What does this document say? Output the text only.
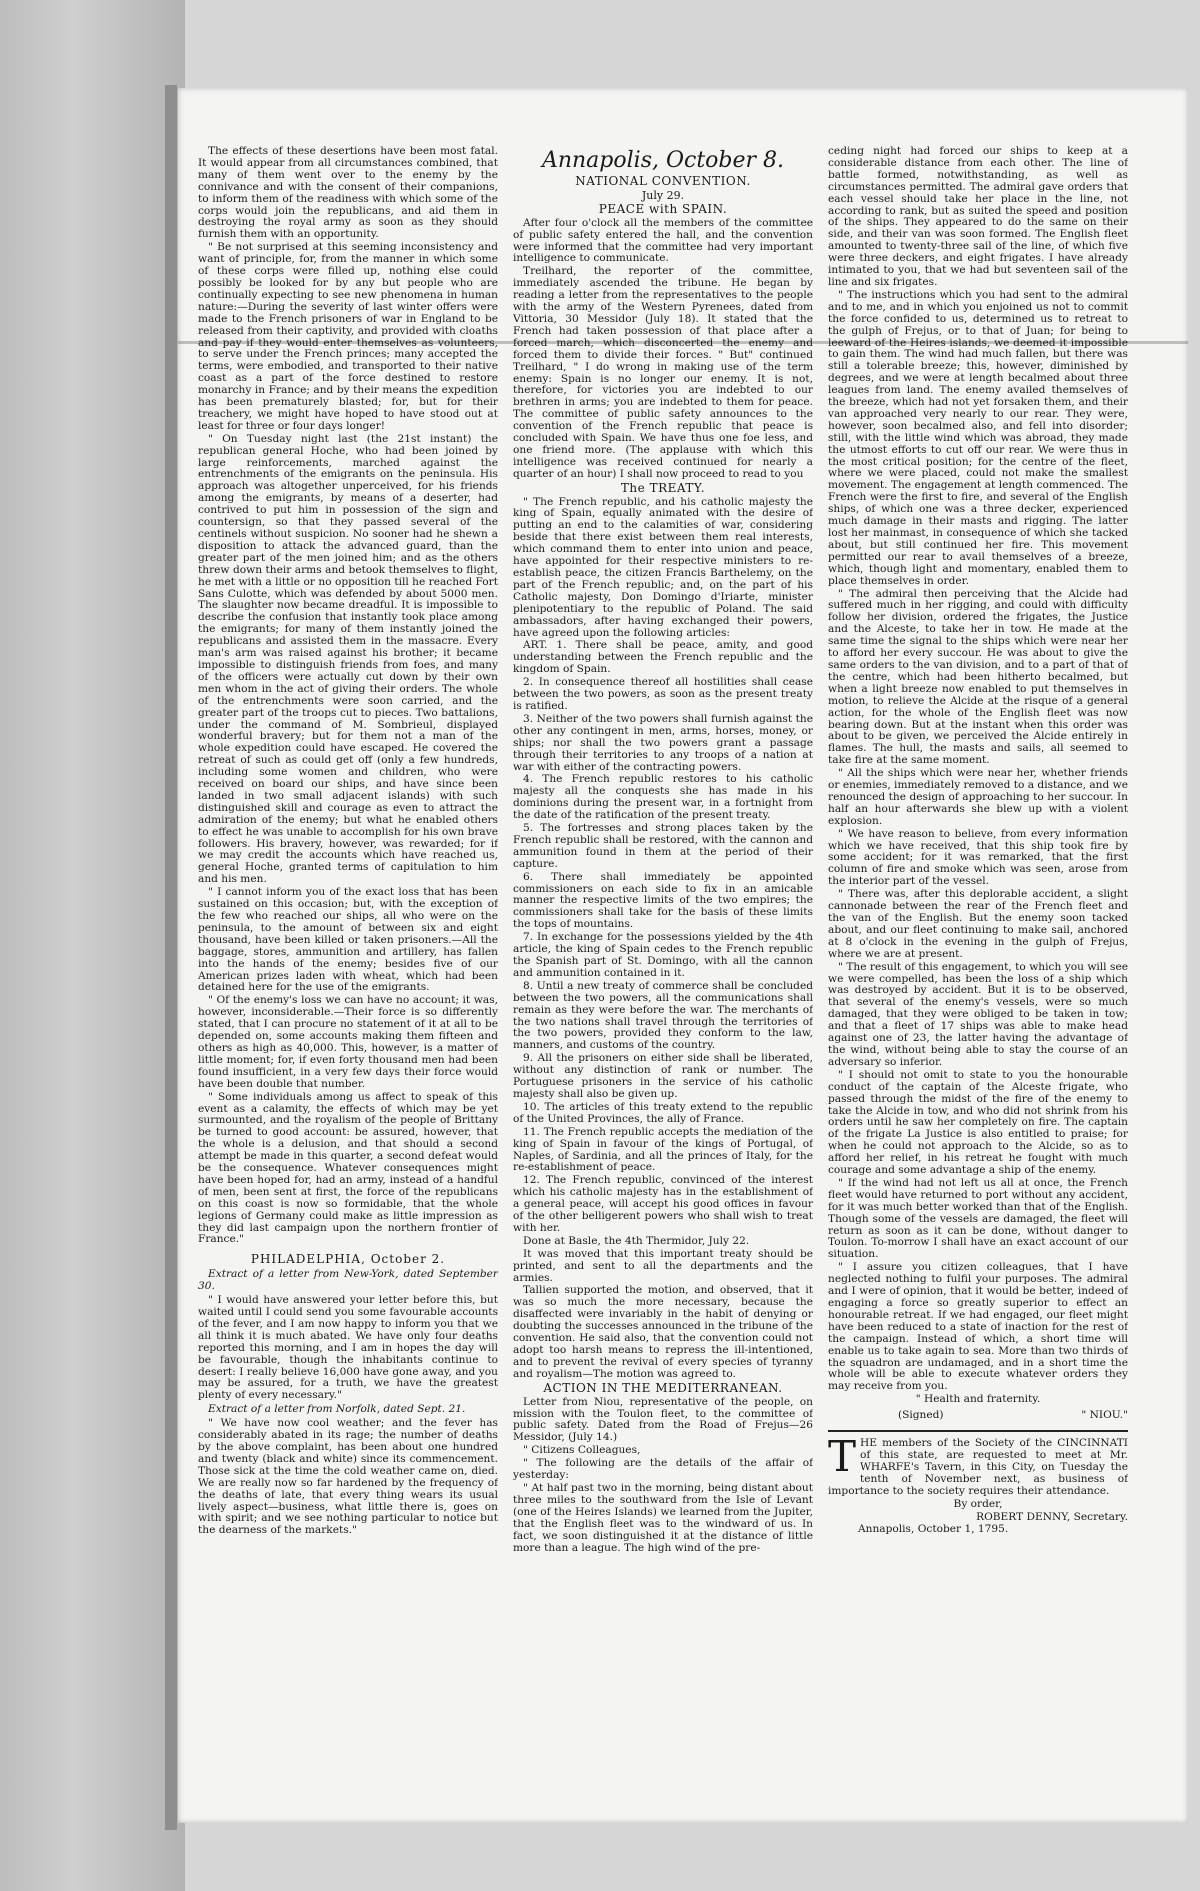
The effects of these desertions have been most fatal. It would appear from all circumstances combined, that many of them went over to the enemy by the connivance and with the consent of their companions, to inform them of the readiness with which some of the corps would join the republicans, and aid them in destroying the royal army as soon as they should furnish them with an opportunity.

" Be not surprised at this seeming inconsistency and want of principle, for, from the manner in which some of these corps were filled up, nothing else could possibly be looked for by any but people who are continually expecting to see new phenomena in human nature:—During the severity of last winter offers were made to the French prisoners of war in England to be released from their captivity, and provided with cloaths and pay if they would enter themselves as volunteers, to serve under the French princes; many accepted the terms, were embodied, and transported to their native coast as a part of the force destined to restore monarchy in France; and by their means the expedition has been prematurely blasted; for, but for their treachery, we might have hoped to have stood out at least for three or four days longer!

" On Tuesday night last (the 21st instant) the republican general Hoche, who had been joined by large reinforcements, marched against the entrenchments of the emigrants on the peninsula. His approach was altogether unperceived, for his friends among the emigrants, by means of a deserter, had contrived to put him in possession of the sign and countersign, so that they passed several of the centinels without suspicion. No sooner had he shewn a disposition to attack the advanced guard, than the greater part of the men joined him; and as the others threw down their arms and betook themselves to flight, he met with a little or no opposition till he reached Fort Sans Culotte, which was defended by about 5000 men. The slaughter now became dreadful. It is impossible to describe the confusion that instantly took place among the emigrants; for many of them instantly joined the republicans and assisted them in the massacre. Every man's arm was raised against his brother; it became impossible to distinguish friends from foes, and many of the officers were actually cut down by their own men whom in the act of giving their orders. The whole of the entrenchments were soon carried, and the greater part of the troops cut to pieces. Two battalions, under the command of M. Sombrieul, displayed wonderful bravery; but for them not a man of the whole expedition could have escaped. He covered the retreat of such as could get off (only a few hundreds, including some women and children, who were received on board our ships, and have since been landed in two small adjacent islands) with such distinguished skill and courage as even to attract the admiration of the enemy; but what he enabled others to effect he was unable to accomplish for his own brave followers. His bravery, however, was rewarded; for if we may credit the accounts which have reached us, general Hoche, granted terms of capitulation to him and his men.

" I cannot inform you of the exact loss that has been sustained on this occasion; but, with the exception of the few who reached our ships, all who were on the peninsula, to the amount of between six and eight thousand, have been killed or taken prisoners.—All the baggage, stores, ammunition and artillery, has fallen into the hands of the enemy; besides five of our American prizes laden with wheat, which had been detained here for the use of the emigrants.

" Of the enemy's loss we can have no account; it was, however, inconsiderable.—Their force is so differently stated, that I can procure no statement of it at all to be depended on, some accounts making them fifteen and others as high as 40,000. This, however, is a matter of little moment; for, if even forty thousand men had been found insufficient, in a very few days their force would have been double that number.

" Some individuals among us affect to speak of this event as a calamity, the effects of which may be yet surmounted, and the royalism of the people of Brittany be turned to good account: be assured, however, that the whole is a delusion, and that should a second attempt be made in this quarter, a second defeat would be the consequence. Whatever consequences might have been hoped for, had an army, instead of a handful of men, been sent at first, the force of the republicans on this coast is now so formidable, that the whole legions of Germany could make as little impression as they did last campaign upon the northern frontier of France."

PHILADELPHIA, October 2.
Extract of a letter from New-York, dated September 30.

" I would have answered your letter before this, but waited until I could send you some favourable accounts of the fever, and I am now happy to inform you that we all think it is much abated. We have only four deaths reported this morning, and I am in hopes the day will be favourable, though the inhabitants continue to desert: I really believe 16,000 have gone away, and you may be assured, for a truth, we have the greatest plenty of every necessary."

Extract of a letter from Norfolk, dated Sept. 21.

" We have now cool weather; and the fever has considerably abated in its rage; the number of deaths by the above complaint, has been about one hundred and twenty (black and white) since its commencement. Those sick at the time the cold weather came on, died. We are really now so far hardened by the frequency of the deaths of late, that every thing wears its usual lively aspect—business, what little there is, goes on with spirit; and we see nothing particular to notice but the dearness of the markets."

Annapolis, October 8.
NATIONAL CONVENTION.
July 29.
PEACE with SPAIN.

After four o'clock all the members of the committee of public safety entered the hall, and the convention were informed that the committee had very important intelligence to communicate.

Treilhard, the reporter of the committee, immediately ascended the tribune. He began by reading a letter from the representatives to the people with the army of the Western Pyrenees, dated from Vittoria, 30 Messidor (July 18). It stated that the French had taken possession of that place after a forced march, which disconcerted the enemy and forced them to divide their forces. " But" continued Treilhard, " I do wrong in making use of the term enemy: Spain is no longer our enemy. It is not, therefore, for victories you are indebted to our brethren in arms; you are indebted to them for peace. The committee of public safety announces to the convention of the French republic that peace is concluded with Spain. We have thus one foe less, and one friend more. (The applause with which this intelligence was received continued for nearly a quarter of an hour) I shall now proceed to read to you

The TREATY.

" The French republic, and his catholic majesty the king of Spain, equally animated with the desire of putting an end to the calamities of war, considering beside that there exist between them real interests, which command them to enter into union and peace, have appointed for their respective ministers to re-establish peace, the citizen Francis Barthelemy, on the part of the French republic; and, on the part of his Catholic majesty, Don Domingo d'Iriarte, minister plenipotentiary to the republic of Poland. The said ambassadors, after having exchanged their powers, have agreed upon the following articles:

ART. 1. There shall be peace, amity, and good understanding between the French republic and the kingdom of Spain.

2. In consequence thereof all hostilities shall cease between the two powers, as soon as the present treaty is ratified.

3. Neither of the two powers shall furnish against the other any contingent in men, arms, horses, money, or ships; nor shall the two powers grant a passage through their territories to any troops of a nation at war with either of the contracting powers.

4. The French republic restores to his catholic majesty all the conquests she has made in his dominions during the present war, in a fortnight from the date of the ratification of the present treaty.

5. The fortresses and strong places taken by the French republic shall be restored, with the cannon and ammunition found in them at the period of their capture.

6. There shall immediately be appointed commissioners on each side to fix in an amicable manner the respective limits of the two empires; the commissioners shall take for the basis of these limits the tops of mountains.

7. In exchange for the possessions yielded by the 4th article, the king of Spain cedes to the French republic the Spanish part of St. Domingo, with all the cannon and ammunition contained in it.

8. Until a new treaty of commerce shall be concluded between the two powers, all the communications shall remain as they were before the war. The merchants of the two nations shall travel through the territories of the two powers, provided they conform to the law, manners, and customs of the country.

9. All the prisoners on either side shall be liberated, without any distinction of rank or number. The Portuguese prisoners in the service of his catholic majesty shall also be given up.

10. The articles of this treaty extend to the republic of the United Provinces, the ally of France.

11. The French republic accepts the mediation of the king of Spain in favour of the kings of Portugal, of Naples, of Sardinia, and all the princes of Italy, for the re-establishment of peace.

12. The French republic, convinced of the interest which his catholic majesty has in the establishment of a general peace, will accept his good offices in favour of the other belligerent powers who shall wish to treat with her.

Done at Basle, the 4th Thermidor, July 22.

It was moved that this important treaty should be printed, and sent to all the departments and the armies.

Tallien supported the motion, and observed, that it was so much the more necessary, because the disaffected were invariably in the habit of denying or doubting the successes announced in the tribune of the convention. He said also, that the convention could not adopt too harsh means to repress the ill-intentioned, and to prevent the revival of every species of tyranny and royalism—The motion was agreed to.

ACTION IN THE MEDITERRANEAN.

Letter from Niou, representative of the people, on mission with the Toulon fleet, to the committee of public safety. Dated from the Road of Frejus—26 Messidor, (July 14.)

" Citizens Colleagues,

" The following are the details of the affair of yesterday:

" At half past two in the morning, being distant about three miles to the southward from the Isle of Levant (one of the Heires Islands) we learned from the Jupiter, that the English fleet was to the windward of us. In fact, we soon distinguished it at the distance of little more than a league. The high wind of the pre-

ceding night had forced our ships to keep at a considerable distance from each other. The line of battle formed, notwithstanding, as well as circumstances permitted. The admiral gave orders that each vessel should take her place in the line, not according to rank, but as suited the speed and position of the ships. They appeared to do the same on their side, and their van was soon formed. The English fleet amounted to twenty-three sail of the line, of which five were three deckers, and eight frigates. I have already intimated to you, that we had but seventeen sail of the line and six frigates.

" The instructions which you had sent to the admiral and to me, and in which you enjoined us not to commit the force confided to us, determined us to retreat to the gulph of Frejus, or to that of Juan; for being to leeward of the Heires islands, we deemed it impossible to gain them. The wind had much fallen, but there was still a tolerable breeze; this, however, diminished by degrees, and we were at length becalmed about three leagues from land. The enemy availed themselves of the breeze, which had not yet forsaken them, and their van approached very nearly to our rear. They were, however, soon becalmed also, and fell into disorder; still, with the little wind which was abroad, they made the utmost efforts to cut off our rear. We were thus in the most critical position; for the centre of the fleet, where we were placed, could not make the smallest movement. The engagement at length commenced. The French were the first to fire, and several of the English ships, of which one was a three decker, experienced much damage in their masts and rigging. The latter lost her mainmast, in consequence of which she tacked about, but still continued her fire. This movement permitted our rear to avail themselves of a breeze, which, though light and momentary, enabled them to place themselves in order.

" The admiral then perceiving that the Alcide had suffered much in her rigging, and could with difficulty follow her division, ordered the frigates, the Justice and the Alceste, to take her in tow. He made at the same time the signal to the ships which were near her to afford her every succour. He was about to give the same orders to the van division, and to a part of that of the centre, which had been hitherto becalmed, but when a light breeze now enabled to put themselves in motion, to relieve the Alcide at the risque of a general action, for the whole of the English fleet was now bearing down. But at the instant when this order was about to be given, we perceived the Alcide entirely in flames. The hull, the masts and sails, all seemed to take fire at the same moment.

" All the ships which were near her, whether friends or enemies, immediately removed to a distance, and we renounced the design of approaching to her succour. In half an hour afterwards she blew up with a violent explosion.

" We have reason to believe, from every information which we have received, that this ship took fire by some accident; for it was remarked, that the first column of fire and smoke which was seen, arose from the interior part of the vessel.

" There was, after this deplorable accident, a slight cannonade between the rear of the French fleet and the van of the English. But the enemy soon tacked about, and our fleet continuing to make sail, anchored at 8 o'clock in the evening in the gulph of Frejus, where we are at present.

" The result of this engagement, to which you will see we were compelled, has been the loss of a ship which was destroyed by accident. But it is to be observed, that several of the enemy's vessels, were so much damaged, that they were obliged to be taken in tow; and that a fleet of 17 ships was able to make head against one of 23, the latter having the advantage of the wind, without being able to stay the course of an adversary so inferior.

" I should not omit to state to you the honourable conduct of the captain of the Alceste frigate, who passed through the midst of the fire of the enemy to take the Alcide in tow, and who did not shrink from his orders until he saw her completely on fire. The captain of the frigate La Justice is also entitled to praise; for when he could not approach to the Alcide, so as to afford her relief, in his retreat he fought with much courage and some advantage a ship of the enemy.

" If the wind had not left us all at once, the French fleet would have returned to port without any accident, for it was much better worked than that of the English. Though some of the vessels are damaged, the fleet will return as soon as it can be done, without danger to Toulon. To-morrow I shall have an exact account of our situation.

" I assure you citizen colleagues, that I have neglected nothing to fulfil your purposes. The admiral and I were of opinion, that it would be better, indeed of engaging a force so greatly superior to effect an honourable retreat. If we had engaged, our fleet might have been reduced to a state of inaction for the rest of the campaign. Instead of which, a short time will enable us to take again to sea. More than two thirds of the squadron are undamaged, and in a short time the whole will be able to execute whatever orders they may receive from you.

" Health and fraternity.
(Signed)	" NIOU."
T HE members of the Society of the CINCINNATI of this state, are requested to meet at Mr. WHARFE's Tavern, in this City, on Tuesday the tenth of November next, as business of importance to the society requires their attendance.
By order,
ROBERT DENNY, Secretary.
Annapolis, October 1, 1795.
